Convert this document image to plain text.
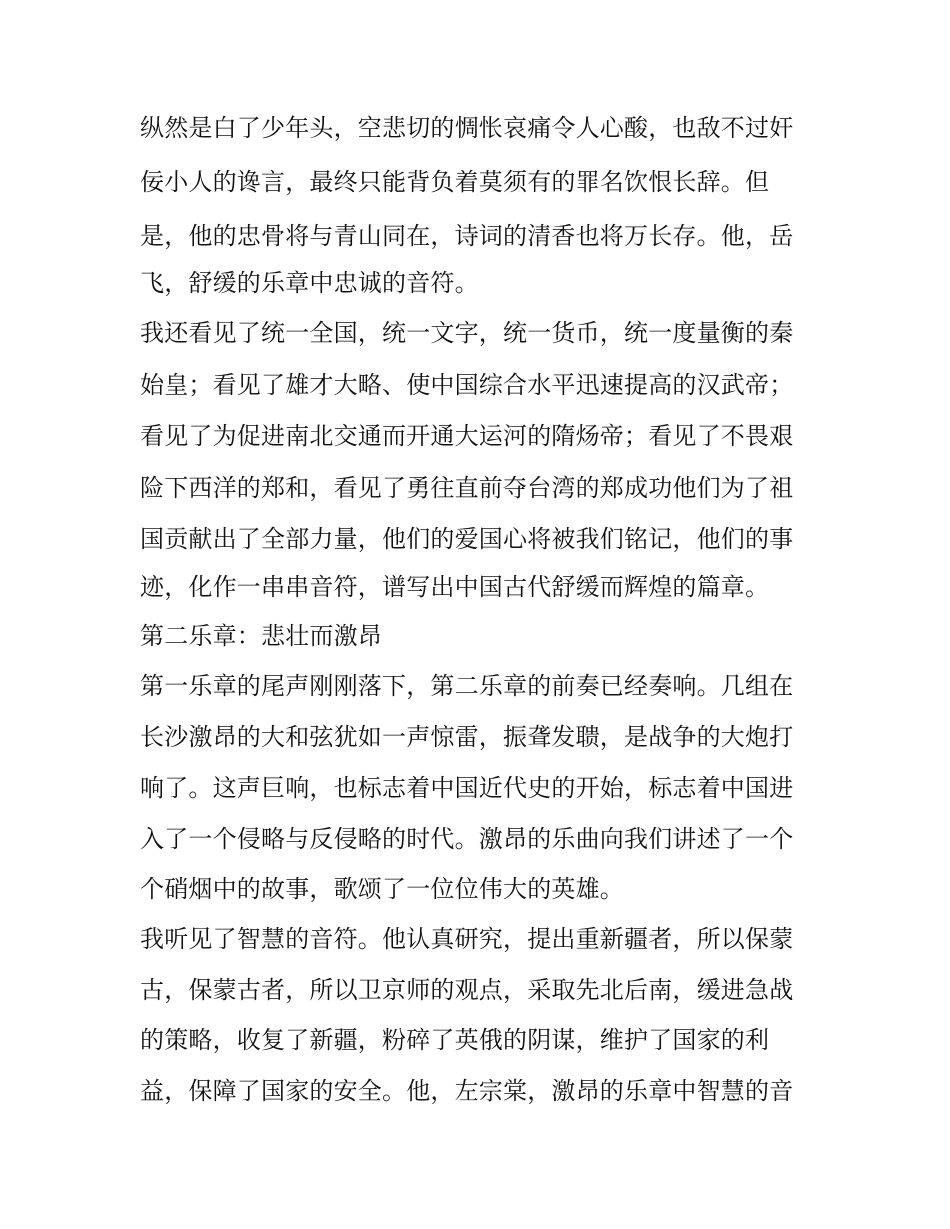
纵然是白了少年头，空悲切的惆怅哀痛令人心酸，也敌不过奸
佞小人的谗言，最终只能背负着莫须有的罪名饮恨长辞。但
是，他的忠骨将与青山同在，诗词的清香也将万长存。他，岳
飞，舒缓的乐章中忠诚的音符。
我还看见了统一全国，统一文字，统一货币，统一度量衡的秦
始皇；看见了雄才大略、使中国综合水平迅速提高的汉武帝；
看见了为促进南北交通而开通大运河的隋炀帝；看见了不畏艰
险下西洋的郑和，看见了勇往直前夺台湾的郑成功他们为了祖
国贡献出了全部力量，他们的爱国心将被我们铭记，他们的事
迹，化作一串串音符，谱写出中国古代舒缓而辉煌的篇章。
第二乐章：悲壮而激昂
第一乐章的尾声刚刚落下，第二乐章的前奏已经奏响。几组在
长沙激昂的大和弦犹如一声惊雷，振聋发聩，是战争的大炮打
响了。这声巨响，也标志着中国近代史的开始，标志着中国进
入了一个侵略与反侵略的时代。激昂的乐曲向我们讲述了一个
个硝烟中的故事，歌颂了一位位伟大的英雄。
我听见了智慧的音符。他认真研究，提出重新疆者，所以保蒙
古，保蒙古者，所以卫京师的观点，采取先北后南，缓进急战
的策略，收复了新疆，粉碎了英俄的阴谋，维护了国家的利
益，保障了国家的安全。他，左宗棠，激昂的乐章中智慧的音
